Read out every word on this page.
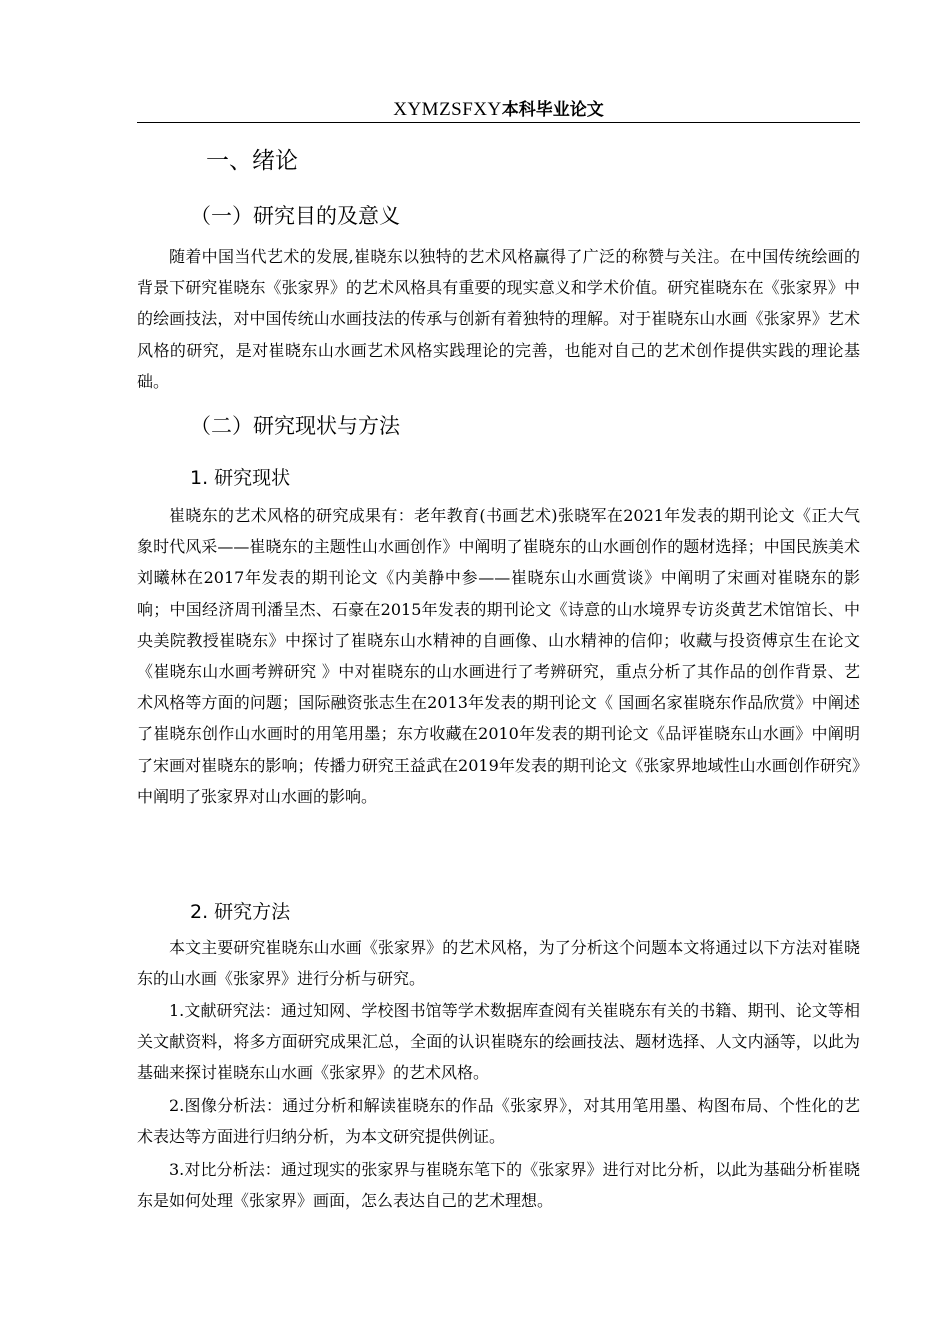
XYMZSFXY本科毕业论文
一、绪论
（一）研究目的及意义

随着中国当代艺术的发展,崔晓东以独特的艺术风格赢得了广泛的称赞与关注。在中国传统绘画的背景下研究崔晓东《张家界》的艺术风格具有重要的现实意义和学术价值。研究崔晓东在《张家界》中的绘画技法，对中国传统山水画技法的传承与创新有着独特的理解。对于崔晓东山水画《张家界》艺术风格的研究，是对崔晓东山水画艺术风格实践理论的完善，也能对自己的艺术创作提供实践的理论基础。

（二）研究现状与方法
1. 研究现状

崔晓东的艺术风格的研究成果有：老年教育(书画艺术)张晓军在2021年发表的期刊论文《正大气象时代风采——崔晓东的主题性山水画创作》中阐明了崔晓东的山水画创作的题材选择；中国民族美术刘曦林在2017年发表的期刊论文《内美静中参——崔晓东山水画赏谈》中阐明了宋画对崔晓东的影响；中国经济周刊潘呈杰、石豪在2015年发表的期刊论文《诗意的山水境界专访炎黄艺术馆馆长、中央美院教授崔晓东》中探讨了崔晓东山水精神的自画像、山水精神的信仰；收藏与投资傅京生在论文《崔晓东山水画考辨研究 》中对崔晓东的山水画进行了考辨研究，重点分析了其作品的创作背景、艺术风格等方面的问题；国际融资张志生在2013年发表的期刊论文《 国画名家崔晓东作品欣赏》中阐述了崔晓东创作山水画时的用笔用墨；东方收藏在2010年发表的期刊论文《品评崔晓东山水画》中阐明了宋画对崔晓东的影响；传播力研究王益武在2019年发表的期刊论文《张家界地域性山水画创作研究》中阐明了张家界对山水画的影响。

2. 研究方法

本文主要研究崔晓东山水画《张家界》的艺术风格，为了分析这个问题本文将通过以下方法对崔晓东的山水画《张家界》进行分析与研究。

1.文献研究法：通过知网、学校图书馆等学术数据库查阅有关崔晓东有关的书籍、期刊、论文等相关文献资料，将多方面研究成果汇总，全面的认识崔晓东的绘画技法、题材选择、人文内涵等，以此为基础来探讨崔晓东山水画《张家界》的艺术风格。

2.图像分析法：通过分析和解读崔晓东的作品《张家界》，对其用笔用墨、构图布局、个性化的艺术表达等方面进行归纳分析，为本文研究提供例证。

3.对比分析法：通过现实的张家界与崔晓东笔下的《张家界》进行对比分析，以此为基础分析崔晓东是如何处理《张家界》画面，怎么表达自己的艺术理想。
